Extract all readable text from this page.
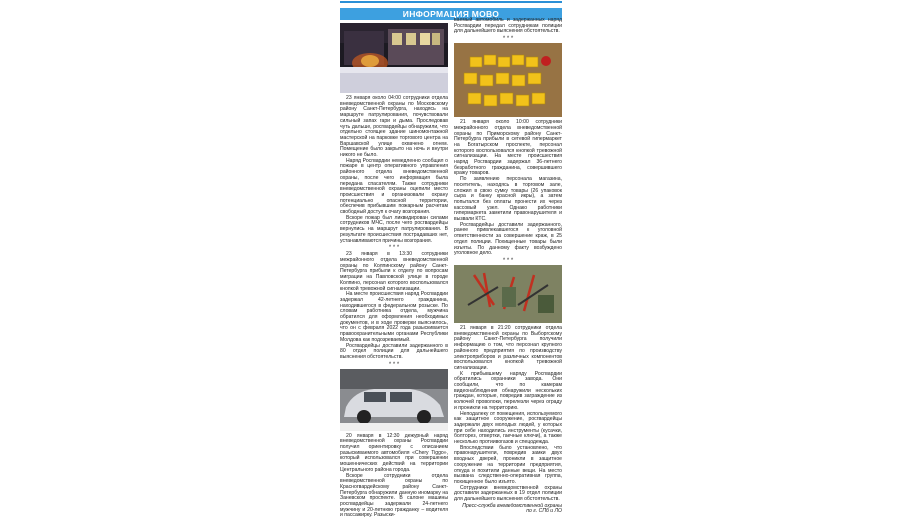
ИНФОРМАЦИЯ МОВО

23 января около 04:00 сотрудники отдела вневедомственной охраны по Московскому району Санкт-Петербурга, находясь на маршруте патрулирования, почувствовали сильный запах гари и дыма. Проследовав чуть дальше, росгвардейцы обнаружили, что отдельно стоящее здание шиномонтажной мастерской на парковке торгового центра на Варшавской улице охвачено огнем. Помещение было закрыто на ночь и внутри никого не было.

Наряд Росгвардии немедленно сообщил о пожаре в центр оперативного управления районного отдела вневедомственной охраны, после чего информация была передана спасателям. Также сотрудники вневедомственной охраны оцепили место происшествия и организовали охрану потенциально опасной территории, обеспечив прибывшим пожарным расчетам свободный доступ к очагу возгорания.

Вскоре пожар был ликвидирован силами сотрудников МЧС, после чего росгвардейцы вернулись на маршрут патрулирования. В результате происшествия пострадавших нет, устанавливаются причины возгорания.

* * *

23 января в 13:30 сотрудники межрайонного отдела вневедомственной охраны по Колпинскому району Санкт-Петербурга прибыли к отделу по вопросам миграции на Павловской улице в городе Колпино, персонал которого воспользовался кнопкой тревожной сигнализации.

На месте происшествия наряд Росгвардии задержал 42-летнего гражданина, находившегося в федеральном розыске. По словам работника отдела, мужчина обратился для оформления необходимых документов, и в ходе проверки выяснилось, что он с февраля 2022 года разыскивается правоохранительными органами Республики Молдова как подозреваемый.

Росгвардейцы доставили задержанного в 80 отдел полиции для дальнейшего выяснения обстоятельств.

* * *

20 января в 12:30 дежурный наряд вневедомственной охраны Росгвардии получил ориентировку с описанием разыскиваемого автомобиля «Chery Tiggo», который использовался при совершении мошеннических действий на территории Центрального района города.

Вскоре сотрудники отдела вневедомственной охраны по Красногвардейскому району Санкт-Петербурга обнаружили данную иномарку на Заневском проспекте. В салоне машины росгвардейцы задержали 24-летнего мужчину и 20-летнюю гражданку – водителя и пассажирку. Разыски-

ваемый автомобиль и задержанных наряд Росгвардии передал сотрудникам полиции для дальнейшего выяснения обстоятельств.

* * *

21 января около 10:00 сотрудники межрайонного отдела вневедомственной охраны по Приморскому району Санкт-Петербурга прибыли в сетевой гипермаркет на Богатырском проспекте, персонал которого воспользовался кнопкой тревожной сигнализации. На месте происшествия наряд Росгвардии задержал 36-летнего безработного гражданина, совершившего кражу товаров.

По заявлению персонала магазина, посетитель, находясь в торговом зале, сложил в свою сумку товары (26 упаковок сыра и банку красной икры), а затем попытался без оплаты пронести их через кассовый узел. Однако работники гипермаркета заметили правонарушителя и вызвали КТС.

Росгвардейцы доставили задержанного, ранее привлекавшегося к уголовной ответственности за совершение краж, в 25 отдел полиции. Похищенные товары были изъяты. По данному факту возбуждено уголовное дело.

* * *

21 января в 21:20 сотрудники отдела вневедомственной охраны по Выборгскому району Санкт-Петербурга получили информацию о том, что персонал крупного районного предприятия по производству электроприборов и различных компонентов воспользовался кнопкой тревожной сигнализации.

К прибывшему наряду Росгвардии обратились охранники завода. Они сообщили, что по камерам видеонаблюдения обнаружили нескольких граждан, которые, повредив заграждение из колючей проволоки, перелезли через ограду и проникли на территорию.

Неподалеку от помещения, используемого как защитное сооружение, росгвардейцы задержали двух молодых людей, у которых при себе находились инструменты (кусачки, болторез, отвертки, гаечные ключи), а также несколько протиивогазов и спецодежда.

Впоследствии было установлено, что правонарушители, повредив замки двух входных дверей, проникли в защитное сооружение на территории предприятия, откуда и похитили данные вещи. На место вызвана следственно-оперативная группа, похищенное было изъято.

Сотрудники вневедомственной охраны доставили задержанных в 19 отдел полиции для дальнейшего выяснения обстоятельств.

Пресс-служба вневедомственной охраны
по г. СПб и ЛО
